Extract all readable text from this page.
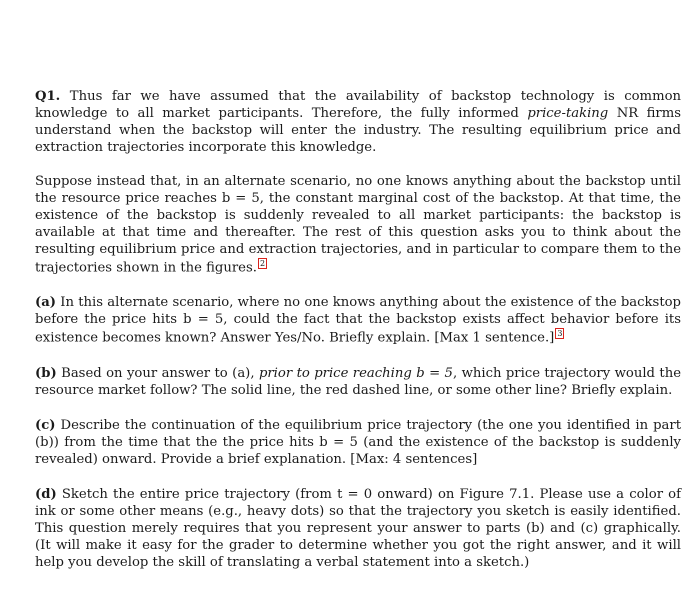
Q1. Thus far we have assumed that the availability of backstop technology is common knowledge to all market participants. Therefore, the fully informed price-taking NR firms understand when the backstop will enter the industry. The resulting equilibrium price and extraction trajectories incorporate this knowledge.

Suppose instead that, in an alternate scenario, no one knows anything about the backstop until the resource price reaches b = 5, the constant marginal cost of the backstop. At that time, the existence of the backstop is suddenly revealed to all market participants: the backstop is available at that time and thereafter. The rest of this question asks you to think about the resulting equilibrium price and extraction trajectories, and in particular to compare them to the trajectories shown in the figures. 2

(a) In this alternate scenario, where no one knows anything about the existence of the backstop before the price hits b = 5, could the fact that the backstop exists affect behavior before its existence becomes known? Answer Yes/No. Briefly explain. [Max 1 sentence.] 3

(b) Based on your answer to (a), prior to price reaching b = 5, which price trajectory would the resource market follow? The solid line, the red dashed line, or some other line? Briefly explain.

(c) Describe the continuation of the equilibrium price trajectory (the one you identified in part (b)) from the time that the the price hits b = 5 (and the existence of the backstop is suddenly revealed) onward. Provide a brief explanation. [Max: 4 sentences]

(d) Sketch the entire price trajectory (from t = 0 onward) on Figure 7.1. Please use a color of ink or some other means (e.g., heavy dots) so that the trajectory you sketch is easily identified. This question merely requires that you represent your answer to parts (b) and (c) graphically. (It will make it easy for the grader to determine whether you got the right answer, and it will help you develop the skill of translating a verbal statement into a sketch.)
